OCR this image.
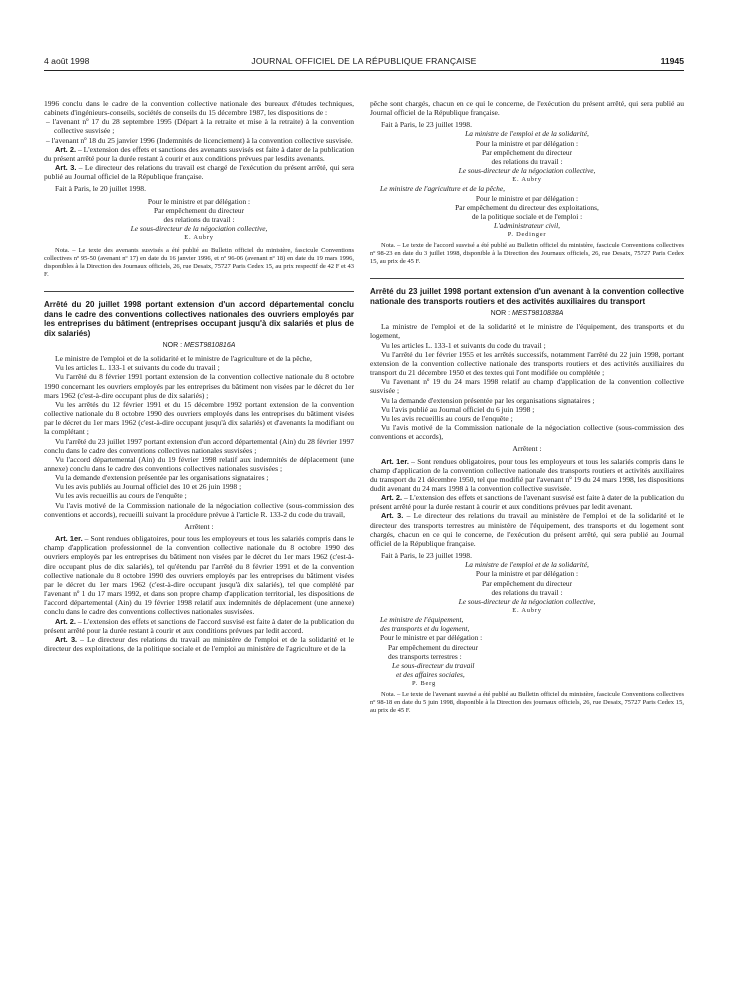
4 août 1998	JOURNAL OFFICIEL DE LA RÉPUBLIQUE FRANÇAISE	11945

1996 conclu dans le cadre de la convention collective nationale des bureaux d'études techniques, cabinets d'ingénieurs-conseils, sociétés de conseils du 15 décembre 1987, les dispositions de :

– l'avenant nº 17 du 28 septembre 1995 (Départ à la retraite et mise à la retraite) à la convention collective susvisée ;

– l'avenant nº 18 du 25 janvier 1996 (Indemnités de licenciement) à la convention collective susvisée.

Art. 2. – L'extension des effets et sanctions des avenants susvisés est faite à dater de la publication du présent arrêté pour la durée restant à courir et aux conditions prévues par lesdits avenants.

Art. 3. – Le directeur des relations du travail est chargé de l'exécution du présent arrêté, qui sera publié au Journal officiel de la République française.

Fait à Paris, le 20 juillet 1998.

Pour le ministre et par délégation :
Par empêchement du directeur
des relations du travail :
Le sous-directeur de la négociation collective,
E. Aubry

Nota. – Le texte des avenants susvisés a été publié au Bulletin officiel du ministère, fascicule Conventions collectives nº 95-50 (avenant nº 17) en date du 16 janvier 1996, et nº 96-06 (avenant nº 18) en date du 19 mars 1996, disponibles à la Direction des Journaux officiels, 26, rue Desaix, 75727 Paris Cedex 15, au prix respectif de 42 F et 43 F.

Arrêté du 20 juillet 1998 portant extension d'un accord départemental conclu dans le cadre des conventions collectives nationales des ouvriers employés par les entreprises du bâtiment (entreprises occupant jusqu'à dix salariés et plus de dix salariés)

NOR : MEST9810816A

Le ministre de l'emploi et de la solidarité et le ministre de l'agriculture et de la pêche,

Vu les articles L. 133-1 et suivants du code du travail ;

Vu l'arrêté du 8 février 1991 portant extension de la convention collective nationale du 8 octobre 1990 concernant les ouvriers employés par les entreprises du bâtiment non visées par le décret du 1er mars 1962 (c'est-à-dire occupant plus de dix salariés) ;

Vu les arrêtés du 12 février 1991 et du 15 décembre 1992 portant extension de la convention collective nationale du 8 octobre 1990 des ouvriers employés dans les entreprises du bâtiment visées par le décret du 1er mars 1962 (c'est-à-dire occupant jusqu'à dix salariés) et d'avenants la modifiant ou la complétant ;

Vu l'arrêté du 23 juillet 1997 portant extension d'un accord départemental (Ain) du 28 février 1997 conclu dans le cadre des conventions collectives nationales susvisées ;

Vu l'accord départemental (Ain) du 19 février 1998 relatif aux indemnités de déplacement (une annexe) conclu dans le cadre des conventions collectives nationales susvisées ;

Vu la demande d'extension présentée par les organisations signataires ;

Vu les avis publiés au Journal officiel des 10 et 26 juin 1998 ;

Vu les avis recueillis au cours de l'enquête ;

Vu l'avis motivé de la Commission nationale de la négociation collective (sous-commission des conventions et accords), recueilli suivant la procédure prévue à l'article R. 133-2 du code du travail,

Arrêtent :

Art. 1er. – Sont rendues obligatoires, pour tous les employeurs et tous les salariés compris dans le champ d'application professionnel de la convention collective nationale du 8 octobre 1990 des ouvriers employés par les entreprises du bâtiment non visées par le décret du 1er mars 1962 (c'est-à-dire occupant plus de dix salariés), tel qu'étendu par l'arrêté du 8 février 1991 et de la convention collective nationale du 8 octobre 1990 des ouvriers employés par les entreprises du bâtiment visées par le décret du 1er mars 1962 (c'est-à-dire occupant jusqu'à dix salariés), tel que complété par l'avenant nº 1 du 17 mars 1992, et dans son propre champ d'application territorial, les dispositions de l'accord départemental (Ain) du 19 février 1998 relatif aux indemnités de déplacement (une annexe) conclu dans le cadre des conventions collectives nationales susvisées.

Art. 2. – L'extension des effets et sanctions de l'accord susvisé est faite à dater de la publication du présent arrêté pour la durée restant à courir et aux conditions prévues par ledit accord.

Art. 3. – Le directeur des relations du travail au ministère de l'emploi et de la solidarité et le directeur des exploitations, de la politique sociale et de l'emploi au ministère de l'agriculture et de la

pêche sont chargés, chacun en ce qui le concerne, de l'exécution du présent arrêté, qui sera publié au Journal officiel de la République française.

Fait à Paris, le 23 juillet 1998.

La ministre de l'emploi et de la solidarité,
Pour la ministre et par délégation :
Par empêchement du directeur
des relations du travail :
Le sous-directeur de la négociation collective,
E. Aubry
Le ministre de l'agriculture et de la pêche,
Pour le ministre et par délégation :
Par empêchement du directeur des exploitations,
de la politique sociale et de l'emploi :
L'administrateur civil,
P. Dedinger

Nota. – Le texte de l'accord susvisé a été publié au Bulletin officiel du ministère, fascicule Conventions collectives nº 98-23 en date du 3 juillet 1998, disponible à la Direction des Journaux officiels, 26, rue Desaix, 75727 Paris Cedex 15, au prix de 45 F.

Arrêté du 23 juillet 1998 portant extension d'un avenant à la convention collective nationale des transports routiers et des activités auxiliaires du transport

NOR : MEST9810838A

La ministre de l'emploi et de la solidarité et le ministre de l'équipement, des transports et du logement,

Vu les articles L. 133-1 et suivants du code du travail ;

Vu l'arrêté du 1er février 1955 et les arrêtés successifs, notamment l'arrêté du 22 juin 1998, portant extension de la convention collective nationale des transports routiers et des activités auxiliaires du transport du 21 décembre 1950 et des textes qui l'ont modifiée ou complétée ;

Vu l'avenant nº 19 du 24 mars 1998 relatif au champ d'application de la convention collective susvisée ;

Vu la demande d'extension présentée par les organisations signataires ;

Vu l'avis publié au Journal officiel du 6 juin 1998 ;

Vu les avis recueillis au cours de l'enquête ;

Vu l'avis motivé de la Commission nationale de la négociation collective (sous-commission des conventions et accords),

Arrêtent :

Art. 1er. – Sont rendues obligatoires, pour tous les employeurs et tous les salariés compris dans le champ d'application de la convention collective nationale des transports routiers et activités auxiliaires du transport du 21 décembre 1950, tel que modifié par l'avenant nº 19 du 24 mars 1998, les dispositions dudit avenant du 24 mars 1998 à la convention collective susvisée.

Art. 2. – L'extension des effets et sanctions de l'avenant susvisé est faite à dater de la publication du présent arrêté pour la durée restant à courir et aux conditions prévues par ledit avenant.

Art. 3. – Le directeur des relations du travail au ministère de l'emploi et de la solidarité et le directeur des transports terrestres au ministère de l'équipement, des transports et du logement sont chargés, chacun en ce qui le concerne, de l'exécution du présent arrêté, qui sera publié au Journal officiel de la République française.

Fait à Paris, le 23 juillet 1998.

La ministre de l'emploi et de la solidarité,
Pour la ministre et par délégation :
Par empêchement du directeur
des relations du travail :
Le sous-directeur de la négociation collective,
E. Aubry
Le ministre de l'équipement,
des transports et du logement,
Pour le ministre et par délégation :
Par empêchement du directeur
des transports terrestres :
Le sous-directeur du travail
et des affaires sociales,
P. Berg

Nota. – Le texte de l'avenant susvisé a été publié au Bulletin officiel du ministère, fascicule Conventions collectives nº 98-18 en date du 5 juin 1998, disponible à la Direction des journaux officiels, 26, rue Desaix, 75727 Paris Cedex 15, au prix de 45 F.
